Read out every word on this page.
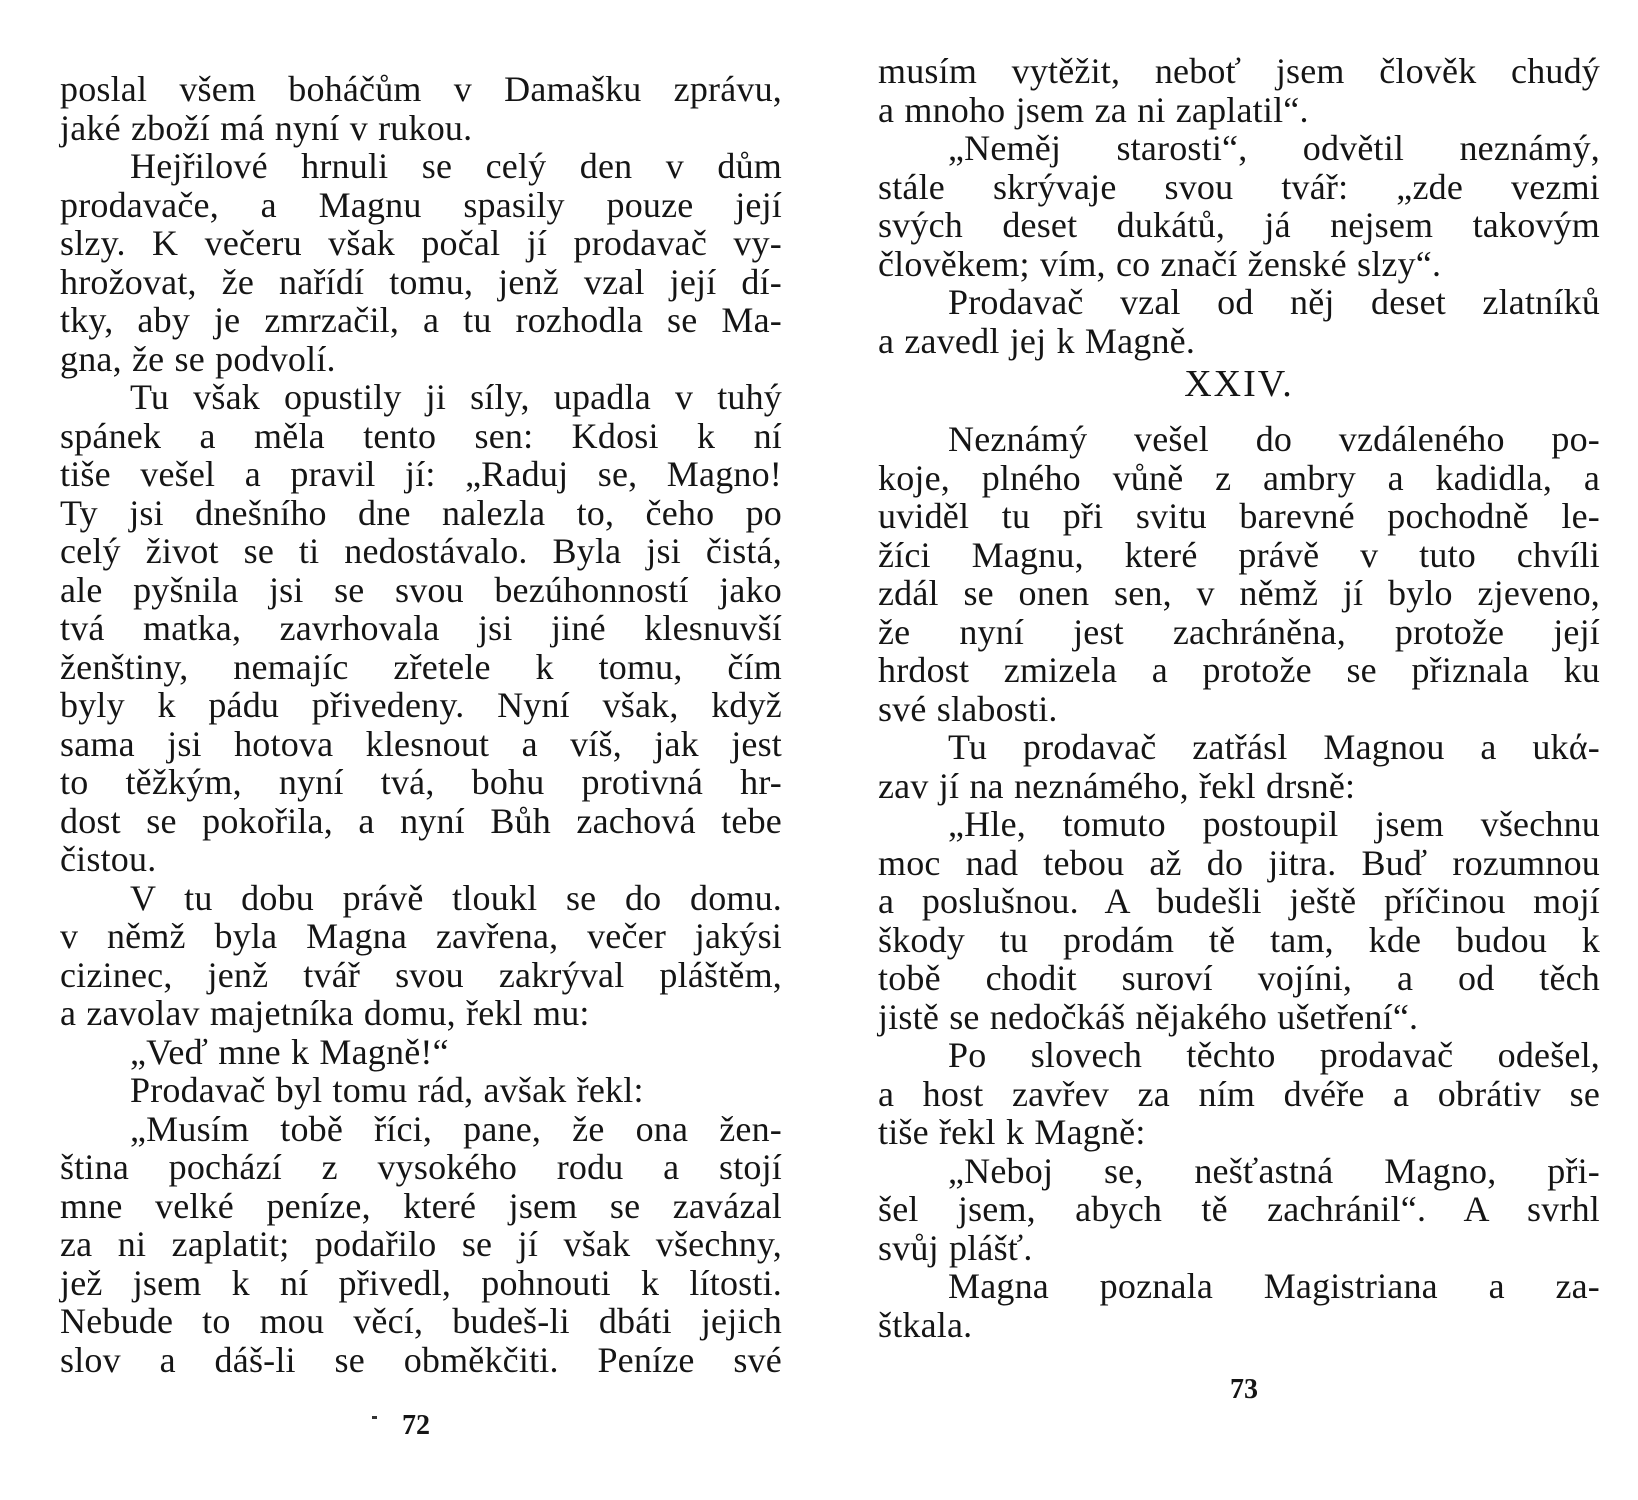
poslal všem boháčům v Damašku zprávu,
jaké zboží má nyní v rukou.
Hejřilové hrnuli se celý den v dům
prodavače, a Magnu spasily pouze její
slzy. K večeru však počal jí prodavač vy-
hrožovat, že nařídí tomu, jenž vzal její dí-
tky, aby je zmrzačil, a tu rozhodla se Ma-
gna, že se podvolí.
Tu však opustily ji síly, upadla v tuhý
spánek a měla tento sen: Kdosi k ní
tiše vešel a pravil jí: „Raduj se, Magno!
Ty jsi dnešního dne nalezla to, čeho po
celý život se ti nedostávalo. Byla jsi čistá,
ale pyšnila jsi se svou bezúhonností jako
tvá matka, zavrhovala jsi jiné klesnuvší
ženštiny, nemajíc zřetele k tomu, čím
byly k pádu přivedeny. Nyní však, když
sama jsi hotova klesnout a víš, jak jest
to těžkým, nyní tvá, bohu protivná hr-
dost se pokořila, a nyní Bůh zachová tebe
čistou.
V tu dobu právě tloukl se do domu.
v němž byla Magna zavřena, večer jakýsi
cizinec, jenž tvář svou zakrýval pláštěm,
a zavolav majetníka domu, řekl mu:
„Veď mne k Magně!“
Prodavač byl tomu rád, avšak řekl:
„Musím tobě říci, pane, že ona žen-
ština pochází z vysokého rodu a stojí
mne velké peníze, které jsem se zavázal
za ni zaplatit; podařilo se jí však všechny,
jež jsem k ní přivedl, pohnouti k lítosti.
Nebude to mou věcí, budeš-li dbáti jejich
slov a dáš-li se obměkčiti. Peníze své
72
musím vytěžit, neboť jsem člověk chudý
a mnoho jsem za ni zaplatil“.
„Neměj starosti“, odvětil neznámý,
stále skrývaje svou tvář: „zde vezmi
svých deset dukátů, já nejsem takovým
člověkem; vím, co značí ženské slzy“.
Prodavač vzal od něj deset zlatníků
a zavedl jej k Magně.
XXIV.
Neznámý vešel do vzdáleného po-
koje, plného vůně z ambry a kadidla, a
uviděl tu při svitu barevné pochodně le-
žíci Magnu, které právě v tuto chvíli
zdál se onen sen, v němž jí bylo zjeveno,
že nyní jest zachráněna, protože její
hrdost zmizela a protože se přiznala ku
své slabosti.
Tu prodavač zatřásl Magnou a ukά-
zav jí na neznámého, řekl drsně:
„Hle, tomuto postoupil jsem všechnu
moc nad tebou až do jitra. Buď rozumnou
a poslušnou. A budešli ještě příčinou mojí
škody tu prodám tě tam, kde budou k
tobě chodit suroví vojíni, a od těch
jistě se nedočkáš nějakého ušetření“.
Po slovech těchto prodavač odešel,
a host zavřev za ním dvéře a obrátiv se
tiše řekl k Magně:
„Neboj se, nešťastná Magno, při-
šel jsem, abych tě zachránil“. A svrhl
svůj plášť.
Magna poznala Magistriana a za-
štkala.
73
